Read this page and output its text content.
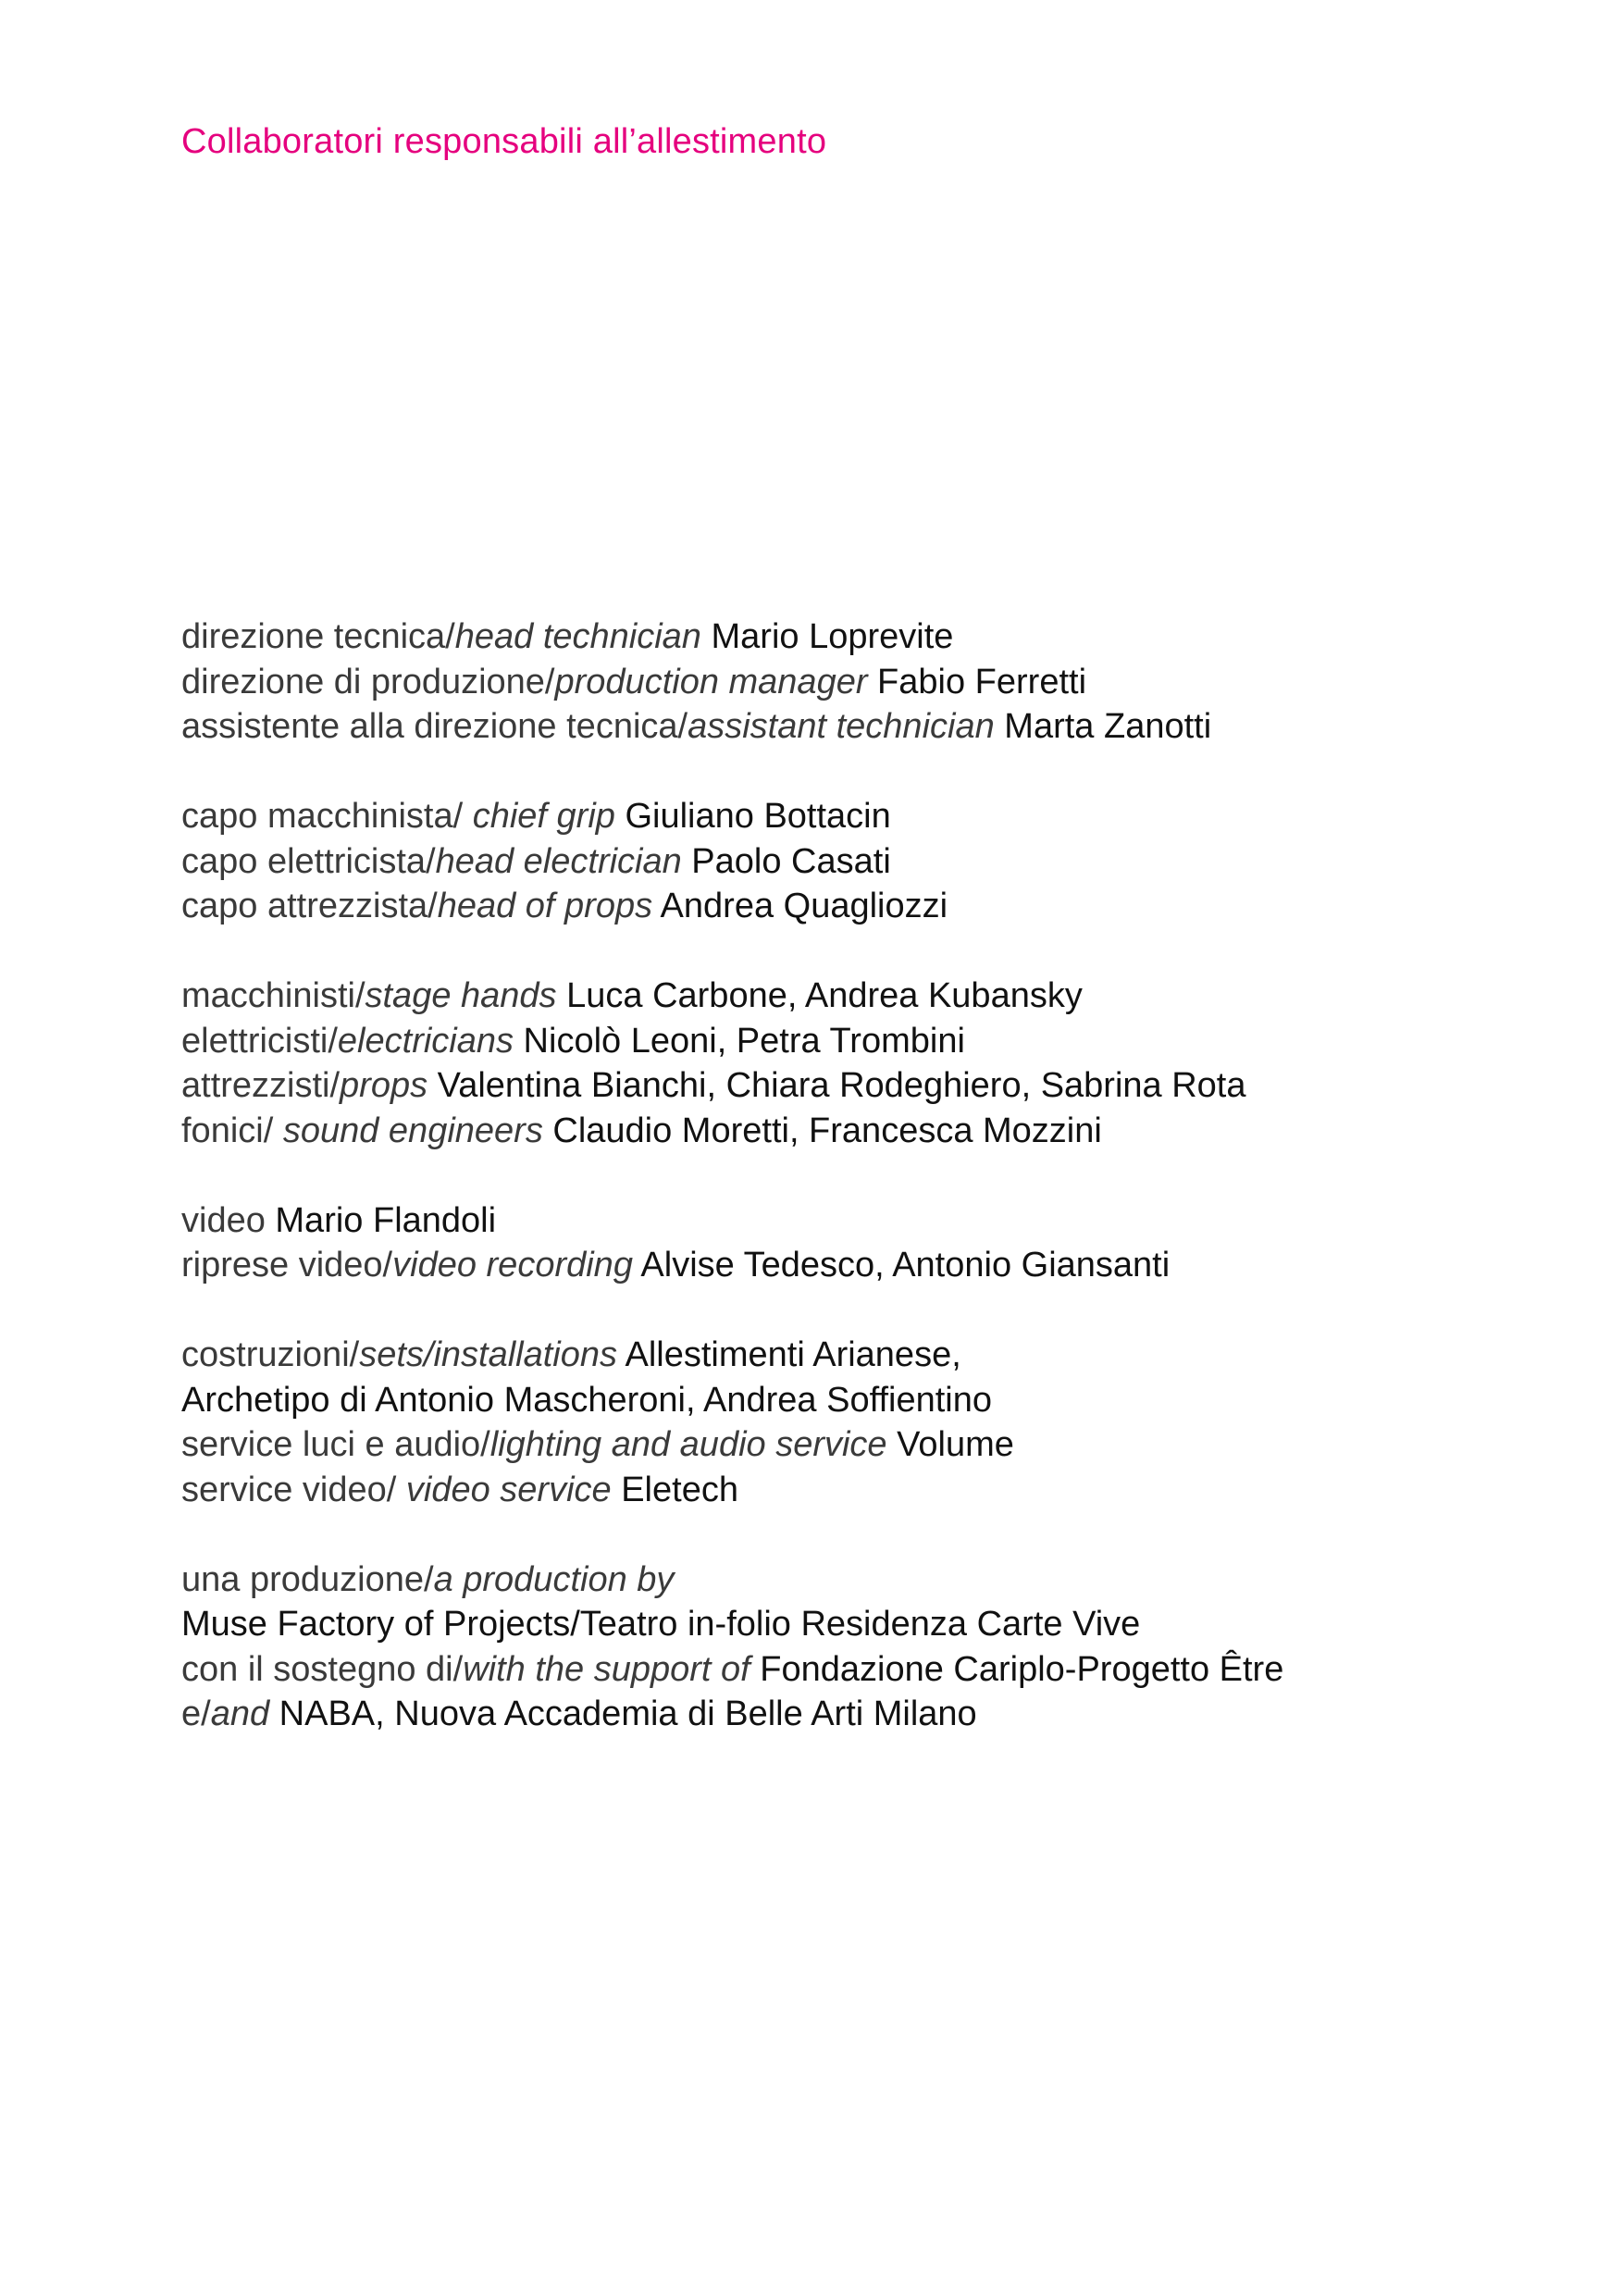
Collaboratori responsabili all’allestimento
direzione tecnica/head technician Mario Loprevite
direzione di produzione/production manager Fabio Ferretti
assistente alla direzione tecnica/assistant technician Marta Zanotti
capo macchinista/ chief grip Giuliano Bottacin
capo elettricista/head electrician Paolo Casati
capo attrezzista/head of props Andrea Quagliozzi
macchinisti/stage hands Luca Carbone, Andrea Kubansky
elettricisti/electricians Nicolò Leoni, Petra Trombini
attrezzisti/props Valentina Bianchi, Chiara Rodeghiero, Sabrina Rota
fonici/ sound engineers Claudio Moretti, Francesca Mozzini
video Mario Flandoli
riprese video/video recording Alvise Tedesco, Antonio Giansanti
costruzioni/sets/installations Allestimenti Arianese,
Archetipo di Antonio Mascheroni, Andrea Soffientino
service luci e audio/lighting and audio service Volume
service video/ video service Eletech
una produzione/a production by
Muse Factory of Projects/Teatro in-folio Residenza Carte Vive
con il sostegno di/with the support of Fondazione Cariplo-Progetto Être
e/and NABA, Nuova Accademia di Belle Arti Milano
